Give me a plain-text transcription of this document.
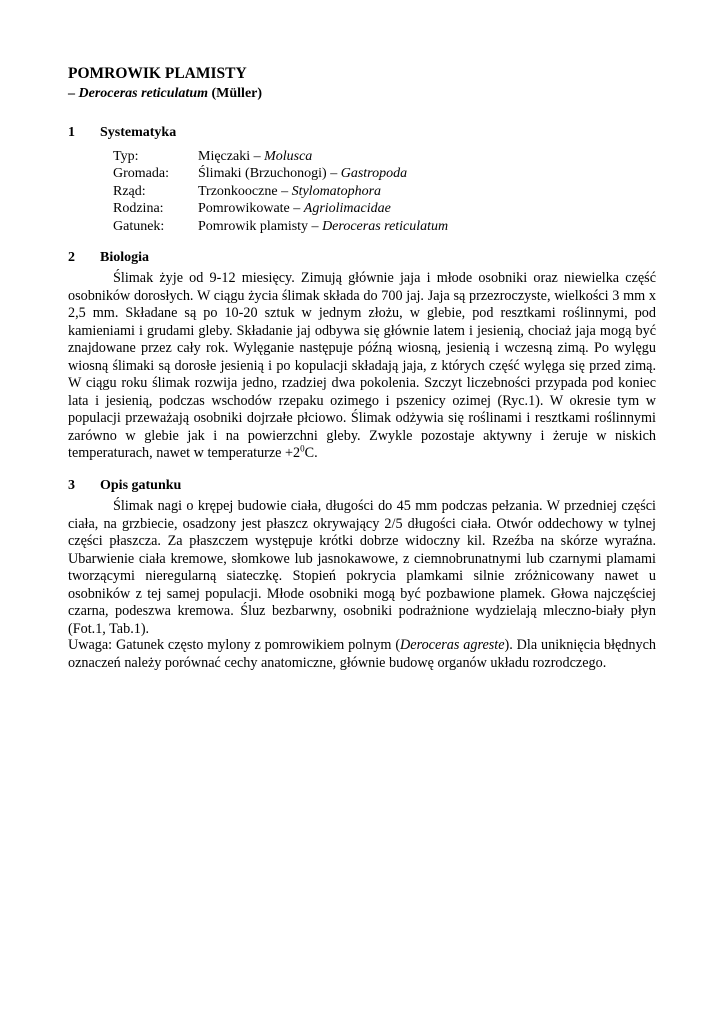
POMROWIK PLAMISTY
– Deroceras reticulatum (Müller)
1 Systematyka
Typ:	Mięczaki – Molusca
Gromada:	Ślimaki (Brzuchonogi) – Gastropoda
Rząd:	Trzonkooczne – Stylomatophora
Rodzina:	Pomrowikowate – Agriolimacidae
Gatunek:	Pomrowik plamisty – Deroceras reticulatum
2 Biologia
Ślimak żyje od 9-12 miesięcy. Zimują głównie jaja i młode osobniki oraz niewielka część osobników dorosłych. W ciągu życia ślimak składa do 700 jaj. Jaja są przezroczyste, wielkości 3 mm x 2,5 mm. Składane są po 10-20 sztuk w jednym złożu, w glebie, pod resztkami roślinnymi, pod kamieniami i grudami gleby. Składanie jaj odbywa się głównie latem i jesienią, chociaż jaja mogą być znajdowane przez cały rok. Wylęganie następuje późną wiosną, jesienią i wczesną zimą. Po wylęgu wiosną ślimaki są dorosłe jesienią i po kopulacji składają jaja, z których część wylęga się przed zimą. W ciągu roku ślimak rozwija jedno, rzadziej dwa pokolenia. Szczyt liczebności przypada pod koniec lata i jesienią, podczas wschodów rzepaku ozimego i pszenicy ozimej (Ryc.1). W okresie tym w populacji przeważają osobniki dojrzałe płciowo. Ślimak odżywia się roślinami i resztkami roślinnymi zarówno w glebie jak i na powierzchni gleby. Zwykle pozostaje aktywny i żeruje w niskich temperaturach, nawet w temperaturze $+2^0C$.
3 Opis gatunku
Ślimak nagi o krępej budowie ciała, długości do 45 mm podczas pełzania. W przedniej części ciała, na grzbiecie, osadzony jest płaszcz okrywający 2/5 długości ciała. Otwór oddechowy w tylnej części płaszcza. Za płaszczem występuje krótki dobrze widoczny kil. Rzeźba na skórze wyraźna. Ubarwienie ciała kremowe, słomkowe lub jasnokawowe, z ciemnobrunatnymi lub czarnymi plamami tworzącymi nieregularną siateczkę. Stopień pokrycia plamkami silnie zróżnicowany nawet u osobników z tej samej populacji. Młode osobniki mogą być pozbawione plamek. Głowa najczęściej czarna, podeszwa kremowa. Śluz bezbarwny, osobniki podrażnione wydzielają mleczno-biały płyn (Fot.1, Tab.1).
Uwaga: Gatunek często mylony z pomrowikiem polnym (Deroceras agreste). Dla uniknięcia błędnych oznaczeń należy porównać cechy anatomiczne, głównie budowę organów układu rozrodczego.
